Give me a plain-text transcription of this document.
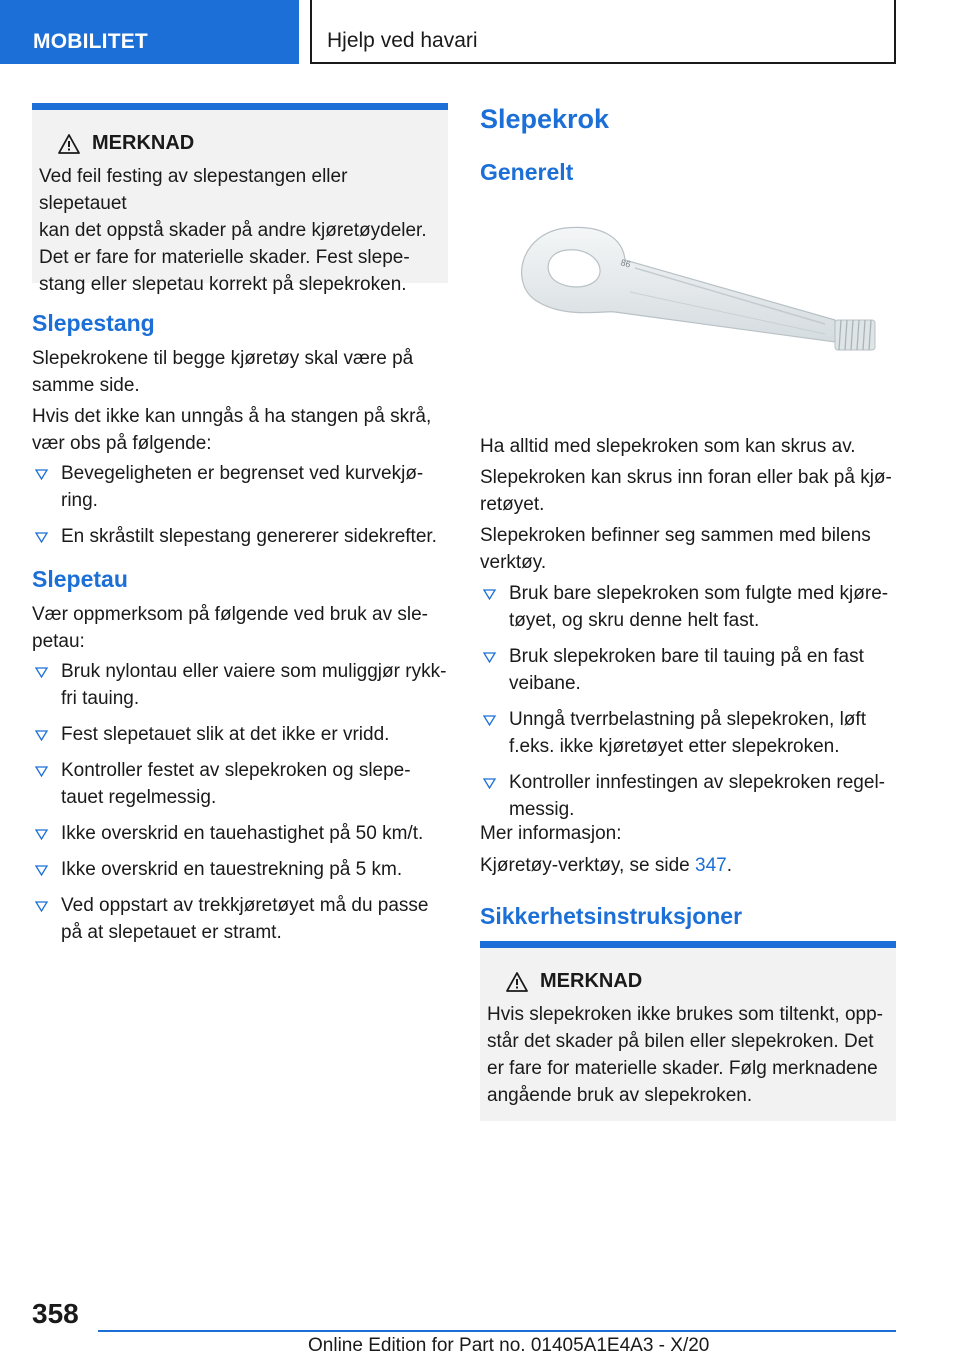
MOBILITET	Hjelp ved havari
MERKNAD

Ved feil festing av slepestangen eller slepetauet
kan det oppstå skader på andre kjøretøydeler.
Det er fare for materielle skader. Fest slepe-
stang eller slepetau korrekt på slepekroken.

Slepestang
Slepekrokene til begge kjøretøy skal være på
samme side.
Hvis det ikke kan unngås å ha stangen på skrå,
vær obs på følgende:
Bevegeligheten er begrenset ved kurvekjø-
ring.
En skråstilt slepestang genererer sidekrefter.
Slepetau
Vær oppmerksom på følgende ved bruk av sle-
petau:
Bruk nylontau eller vaiere som muliggjør rykk-
fri tauing.
Fest slepetauet slik at det ikke er vridd.
Kontroller festet av slepekroken og slepe-
tauet regelmessig.
Ikke overskrid en tauehastighet på 50 km/t.
Ikke overskrid en tauestrekning på 5 km.
Ved oppstart av trekkjøretøyet må du passe
på at slepetauet er stramt.
Slepekrok
Generelt
86
Ha alltid med slepekroken som kan skrus av.
Slepekroken kan skrus inn foran eller bak på kjø-
retøyet.
Slepekroken befinner seg sammen med bilens
verktøy.
Bruk bare slepekroken som fulgte med kjøre-
tøyet, og skru denne helt fast.
Bruk slepekroken bare til tauing på en fast
veibane.
Unngå tverrbelastning på slepekroken, løft
f.eks. ikke kjøretøyet etter slepekroken.
Kontroller innfestingen av slepekroken regel-
messig.
Mer informasjon:
Kjøretøy-verktøy, se side 347.
Sikkerhetsinstruksjoner
MERKNAD

Hvis slepekroken ikke brukes som tiltenkt, opp-
står det skader på bilen eller slepekroken. Det
er fare for materielle skader. Følg merknadene
angående bruk av slepekroken.

358
Online Edition for Part no. 01405A1E4A3 - X/20
